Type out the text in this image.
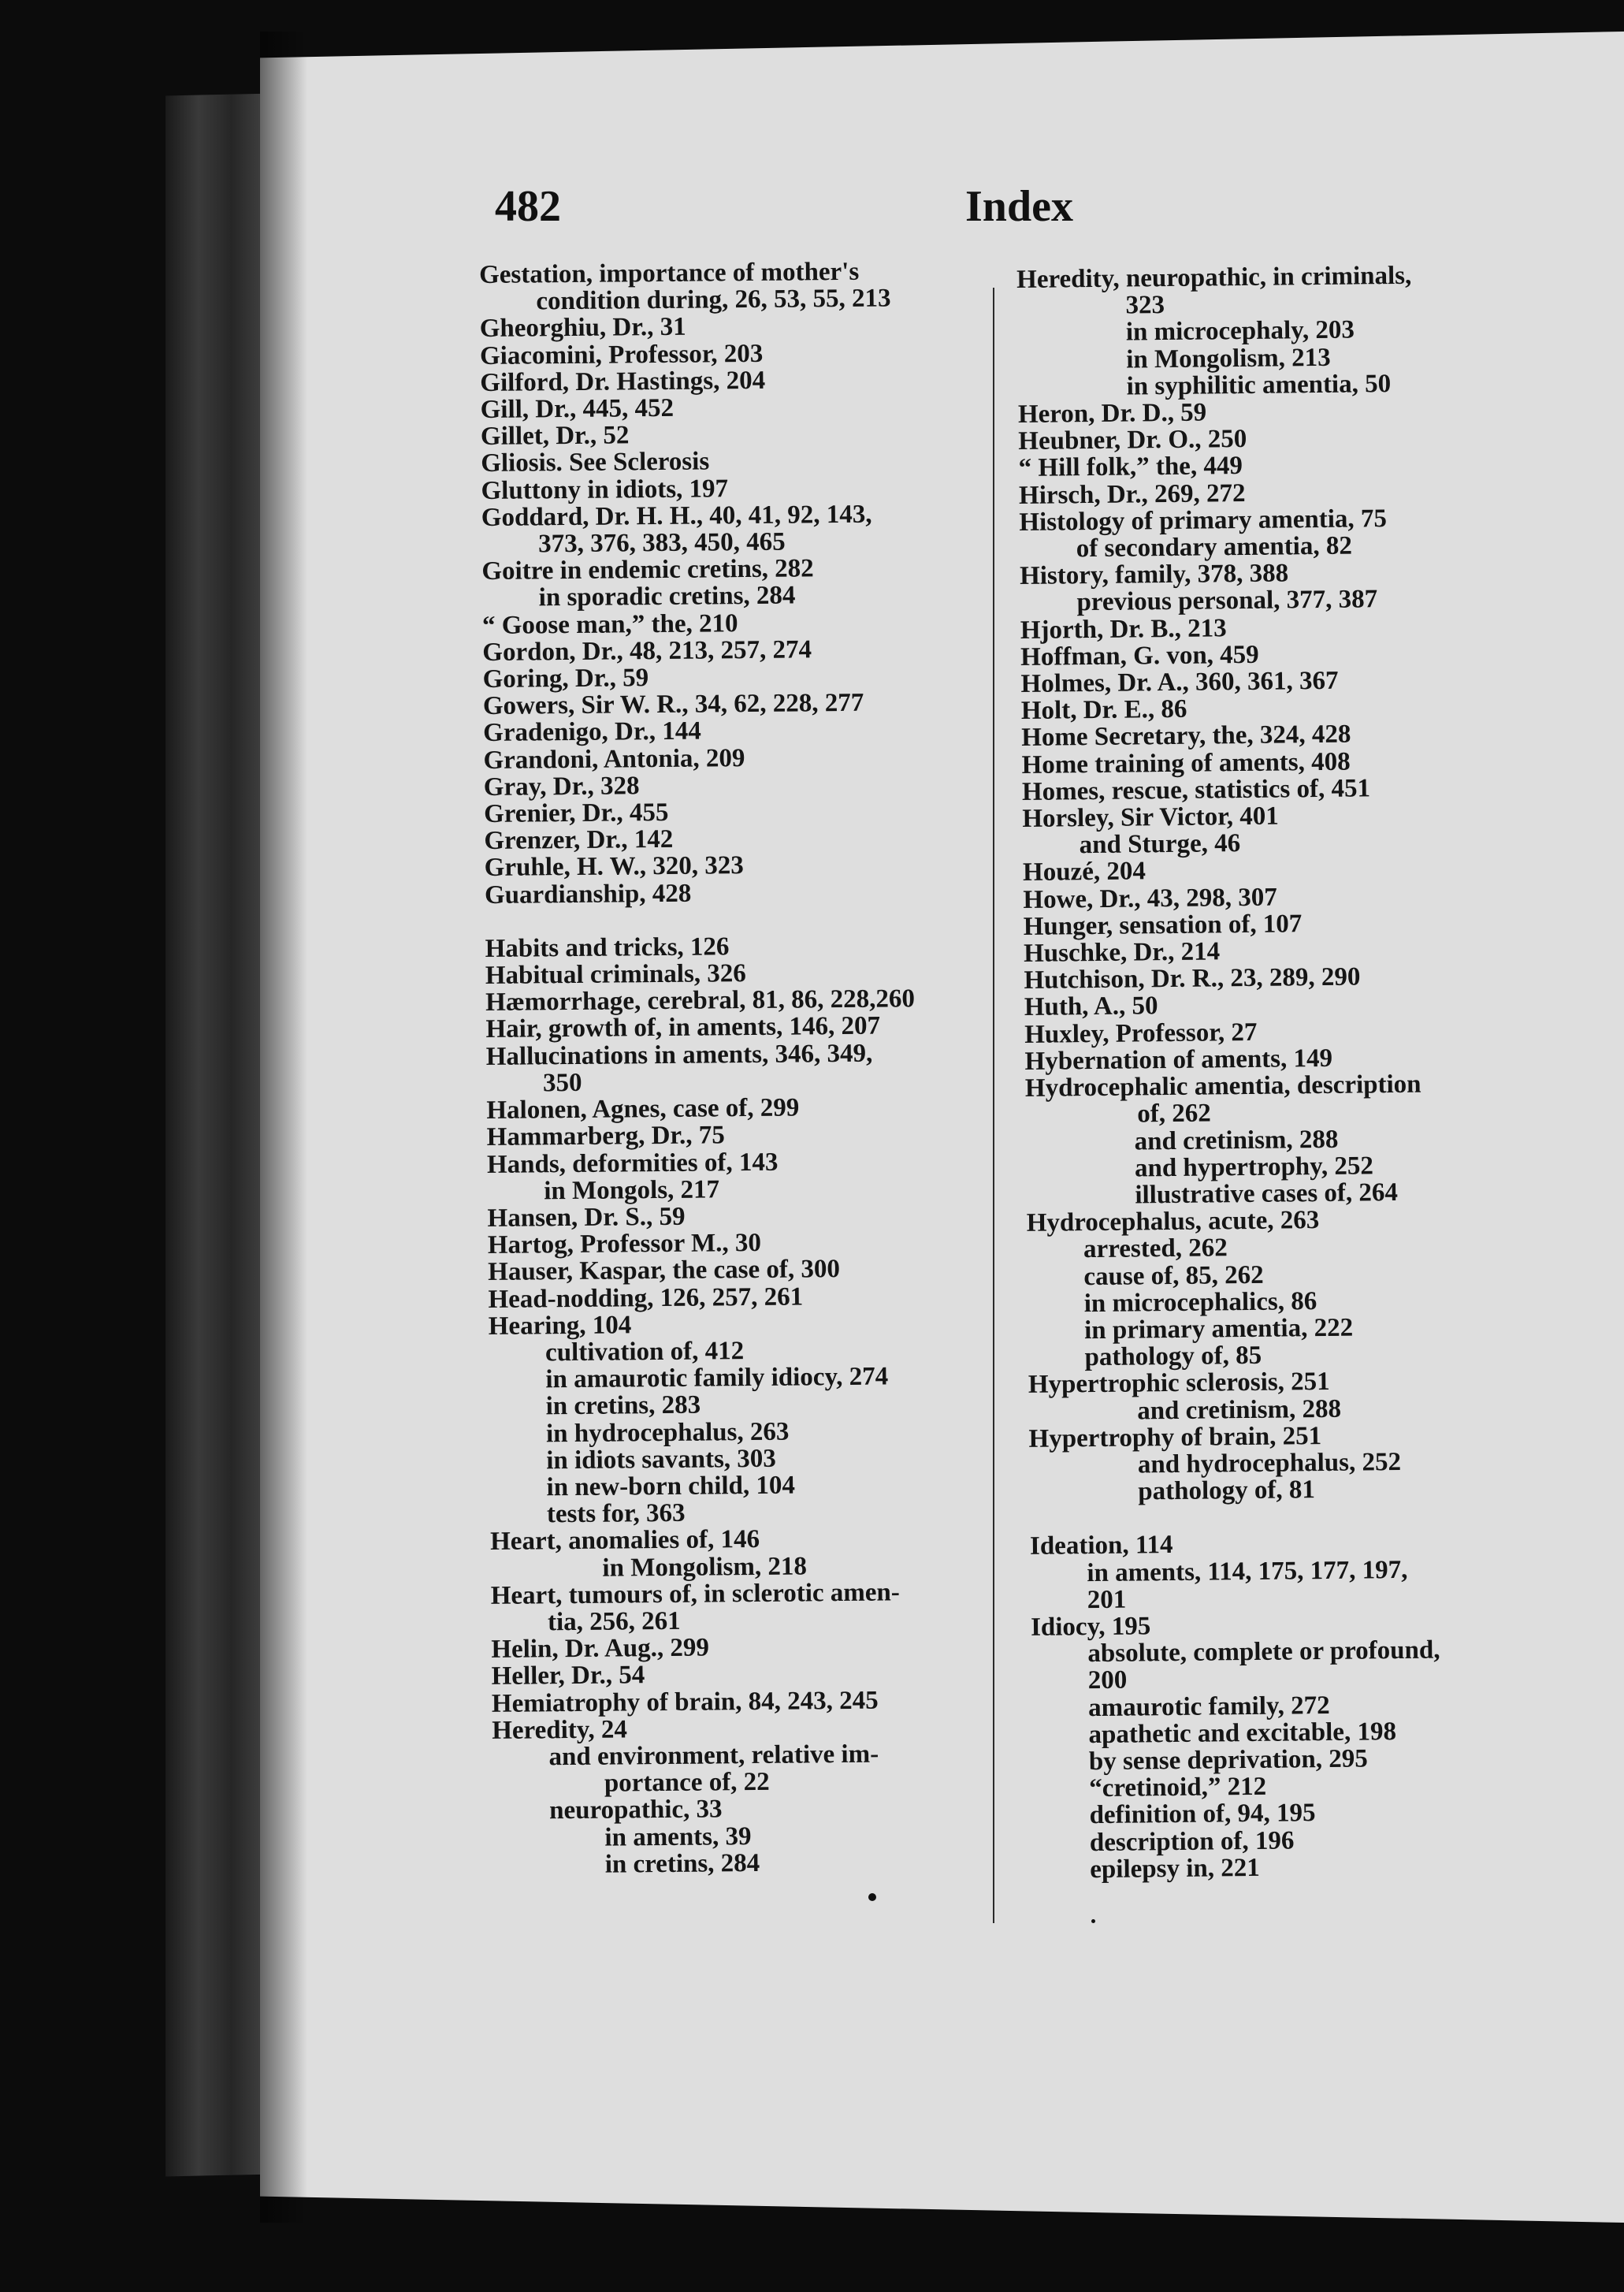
482	Index
Gestation, importance of mother's
condition during, 26, 53, 55, 213
Gheorghiu, Dr., 31
Giacomini, Professor, 203
Gilford, Dr. Hastings, 204
Gill, Dr., 445, 452
Gillet, Dr., 52
Gliosis. See Sclerosis
Gluttony in idiots, 197
Goddard, Dr. H. H., 40, 41, 92, 143,
373, 376, 383, 450, 465
Goitre in endemic cretins, 282
in sporadic cretins, 284
“ Goose man,” the, 210
Gordon, Dr., 48, 213, 257, 274
Goring, Dr., 59
Gowers, Sir W. R., 34, 62, 228, 277
Gradenigo, Dr., 144
Grandoni, Antonia, 209
Gray, Dr., 328
Grenier, Dr., 455
Grenzer, Dr., 142
Gruhle, H. W., 320, 323
Guardianship, 428
Habits and tricks, 126
Habitual criminals, 326
Hæmorrhage, cerebral, 81, 86, 228,260
Hair, growth of, in aments, 146, 207
Hallucinations in aments, 346, 349,
350
Halonen, Agnes, case of, 299
Hammarberg, Dr., 75
Hands, deformities of, 143
in Mongols, 217
Hansen, Dr. S., 59
Hartog, Professor M., 30
Hauser, Kaspar, the case of, 300
Head-nodding, 126, 257, 261
Hearing, 104
cultivation of, 412
in amaurotic family idiocy, 274
in cretins, 283
in hydrocephalus, 263
in idiots savants, 303
in new-born child, 104
tests for, 363
Heart, anomalies of, 146
in Mongolism, 218
Heart, tumours of, in sclerotic amen-
tia, 256, 261
Helin, Dr. Aug., 299
Heller, Dr., 54
Hemiatrophy of brain, 84, 243, 245
Heredity, 24
and environment, relative im-
portance of, 22
neuropathic, 33
in aments, 39
in cretins, 284
Heredity, neuropathic, in criminals,
323
in microcephaly, 203
in Mongolism, 213
in syphilitic amentia, 50
Heron, Dr. D., 59
Heubner, Dr. O., 250
“ Hill folk,” the, 449
Hirsch, Dr., 269, 272
Histology of primary amentia, 75
of secondary amentia, 82
History, family, 378, 388
previous personal, 377, 387
Hjorth, Dr. B., 213
Hoffman, G. von, 459
Holmes, Dr. A., 360, 361, 367
Holt, Dr. E., 86
Home Secretary, the, 324, 428
Home training of aments, 408
Homes, rescue, statistics of, 451
Horsley, Sir Victor, 401
and Sturge, 46
Houzé, 204
Howe, Dr., 43, 298, 307
Hunger, sensation of, 107
Huschke, Dr., 214
Hutchison, Dr. R., 23, 289, 290
Huth, A., 50
Huxley, Professor, 27
Hybernation of aments, 149
Hydrocephalic amentia, description
of, 262
and cretinism, 288
and hypertrophy, 252
illustrative cases of, 264
Hydrocephalus, acute, 263
arrested, 262
cause of, 85, 262
in microcephalics, 86
in primary amentia, 222
pathology of, 85
Hypertrophic sclerosis, 251
and cretinism, 288
Hypertrophy of brain, 251
and hydrocephalus, 252
pathology of, 81
Ideation, 114
in aments, 114, 175, 177, 197,
201
Idiocy, 195
absolute, complete or profound,
200
amaurotic family, 272
apathetic and excitable, 198
by sense deprivation, 295
“cretinoid,” 212
definition of, 94, 195
description of, 196
epilepsy in, 221
